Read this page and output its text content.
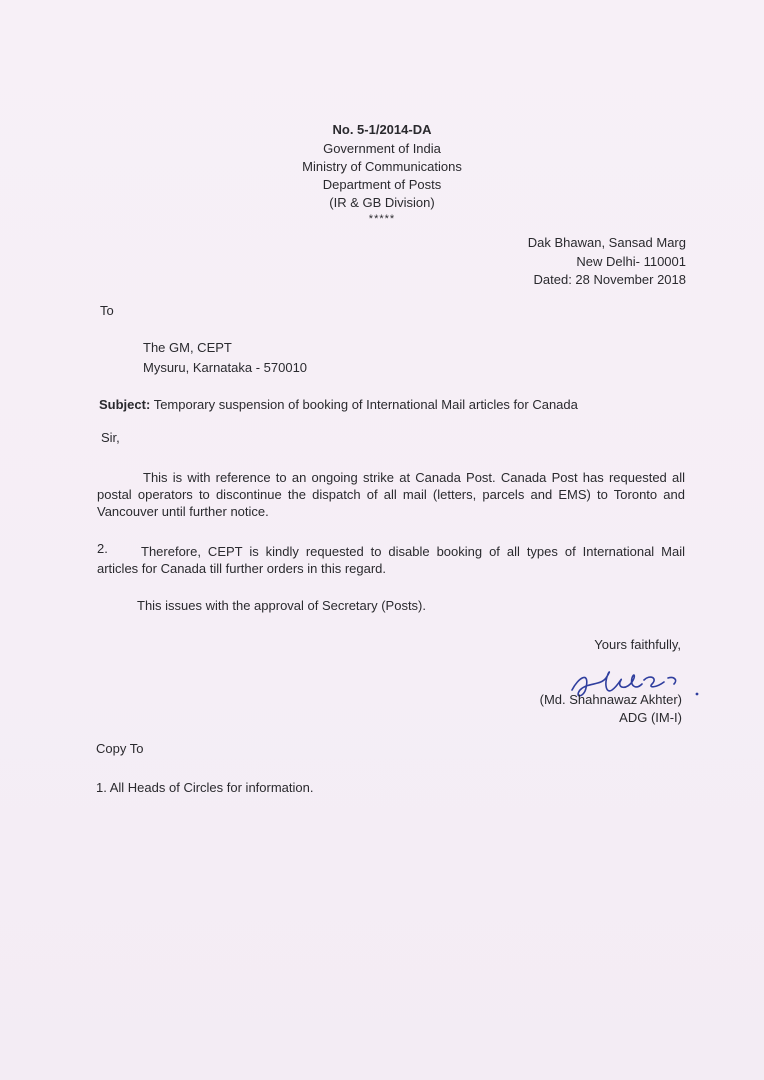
No. 5-1/2014-DA
Government of India
Ministry of Communications
Department of Posts
(IR & GB Division)
*****
Dak Bhawan, Sansad Marg
New Delhi- 110001
Dated: 28 November 2018
To
The GM, CEPT
Mysuru, Karnataka - 570010
Subject: Temporary suspension of booking of International Mail articles for Canada
Sir,
This is with reference to an ongoing strike at Canada Post. Canada Post has requested all postal operators to discontinue the dispatch of all mail (letters, parcels and EMS) to Toronto and Vancouver until further notice.
2.	Therefore, CEPT is kindly requested to disable booking of all types of International Mail articles for Canada till further orders in this regard.
This issues with the approval of Secretary (Posts).
Yours faithfully,
(Md. Shahnawaz Akhter)
ADG (IM-I)
Copy To
1. All Heads of Circles for information.
